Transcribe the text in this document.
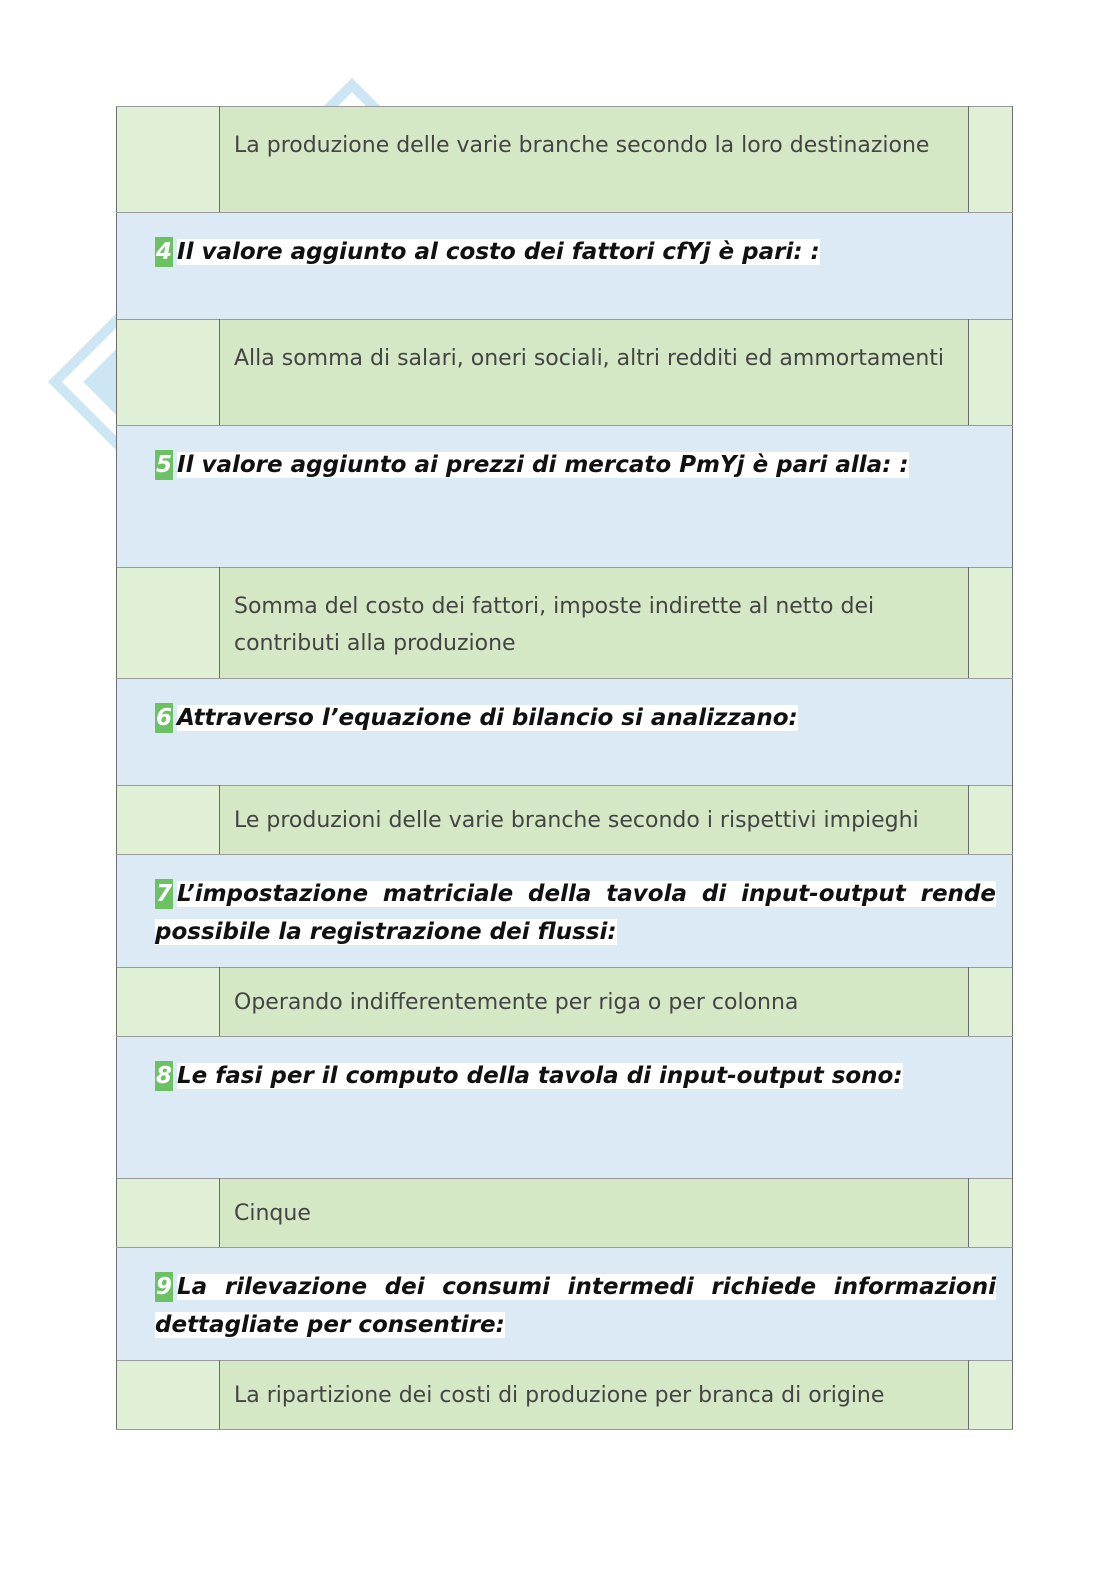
	La produzione delle varie branche secondo la loro destinazione	

4 Il valore aggiunto al costo dei fattori cfYj è pari: :		

	Alla somma di salari, oneri sociali, altri redditi ed ammortamenti	

5 Il valore aggiunto ai prezzi di mercato PmYj è pari alla: :		

	Somma del costo dei fattori, imposte indirette al netto dei contributi alla produzione	

6 Attraverso l’equazione di bilancio si analizzano:		

	Le produzioni delle varie branche secondo i rispettivi impieghi	

7 L’impostazione matriciale della tavola di input-output rende possibile la registrazione dei flussi:		

	Operando indifferentemente per riga o per colonna	

8 Le fasi per il computo della tavola di input-output sono:		

	Cinque	

9 La rilevazione dei consumi intermedi richiede informazioni dettagliate per consentire:		

	La ripartizione dei costi di produzione per branca di origine	
